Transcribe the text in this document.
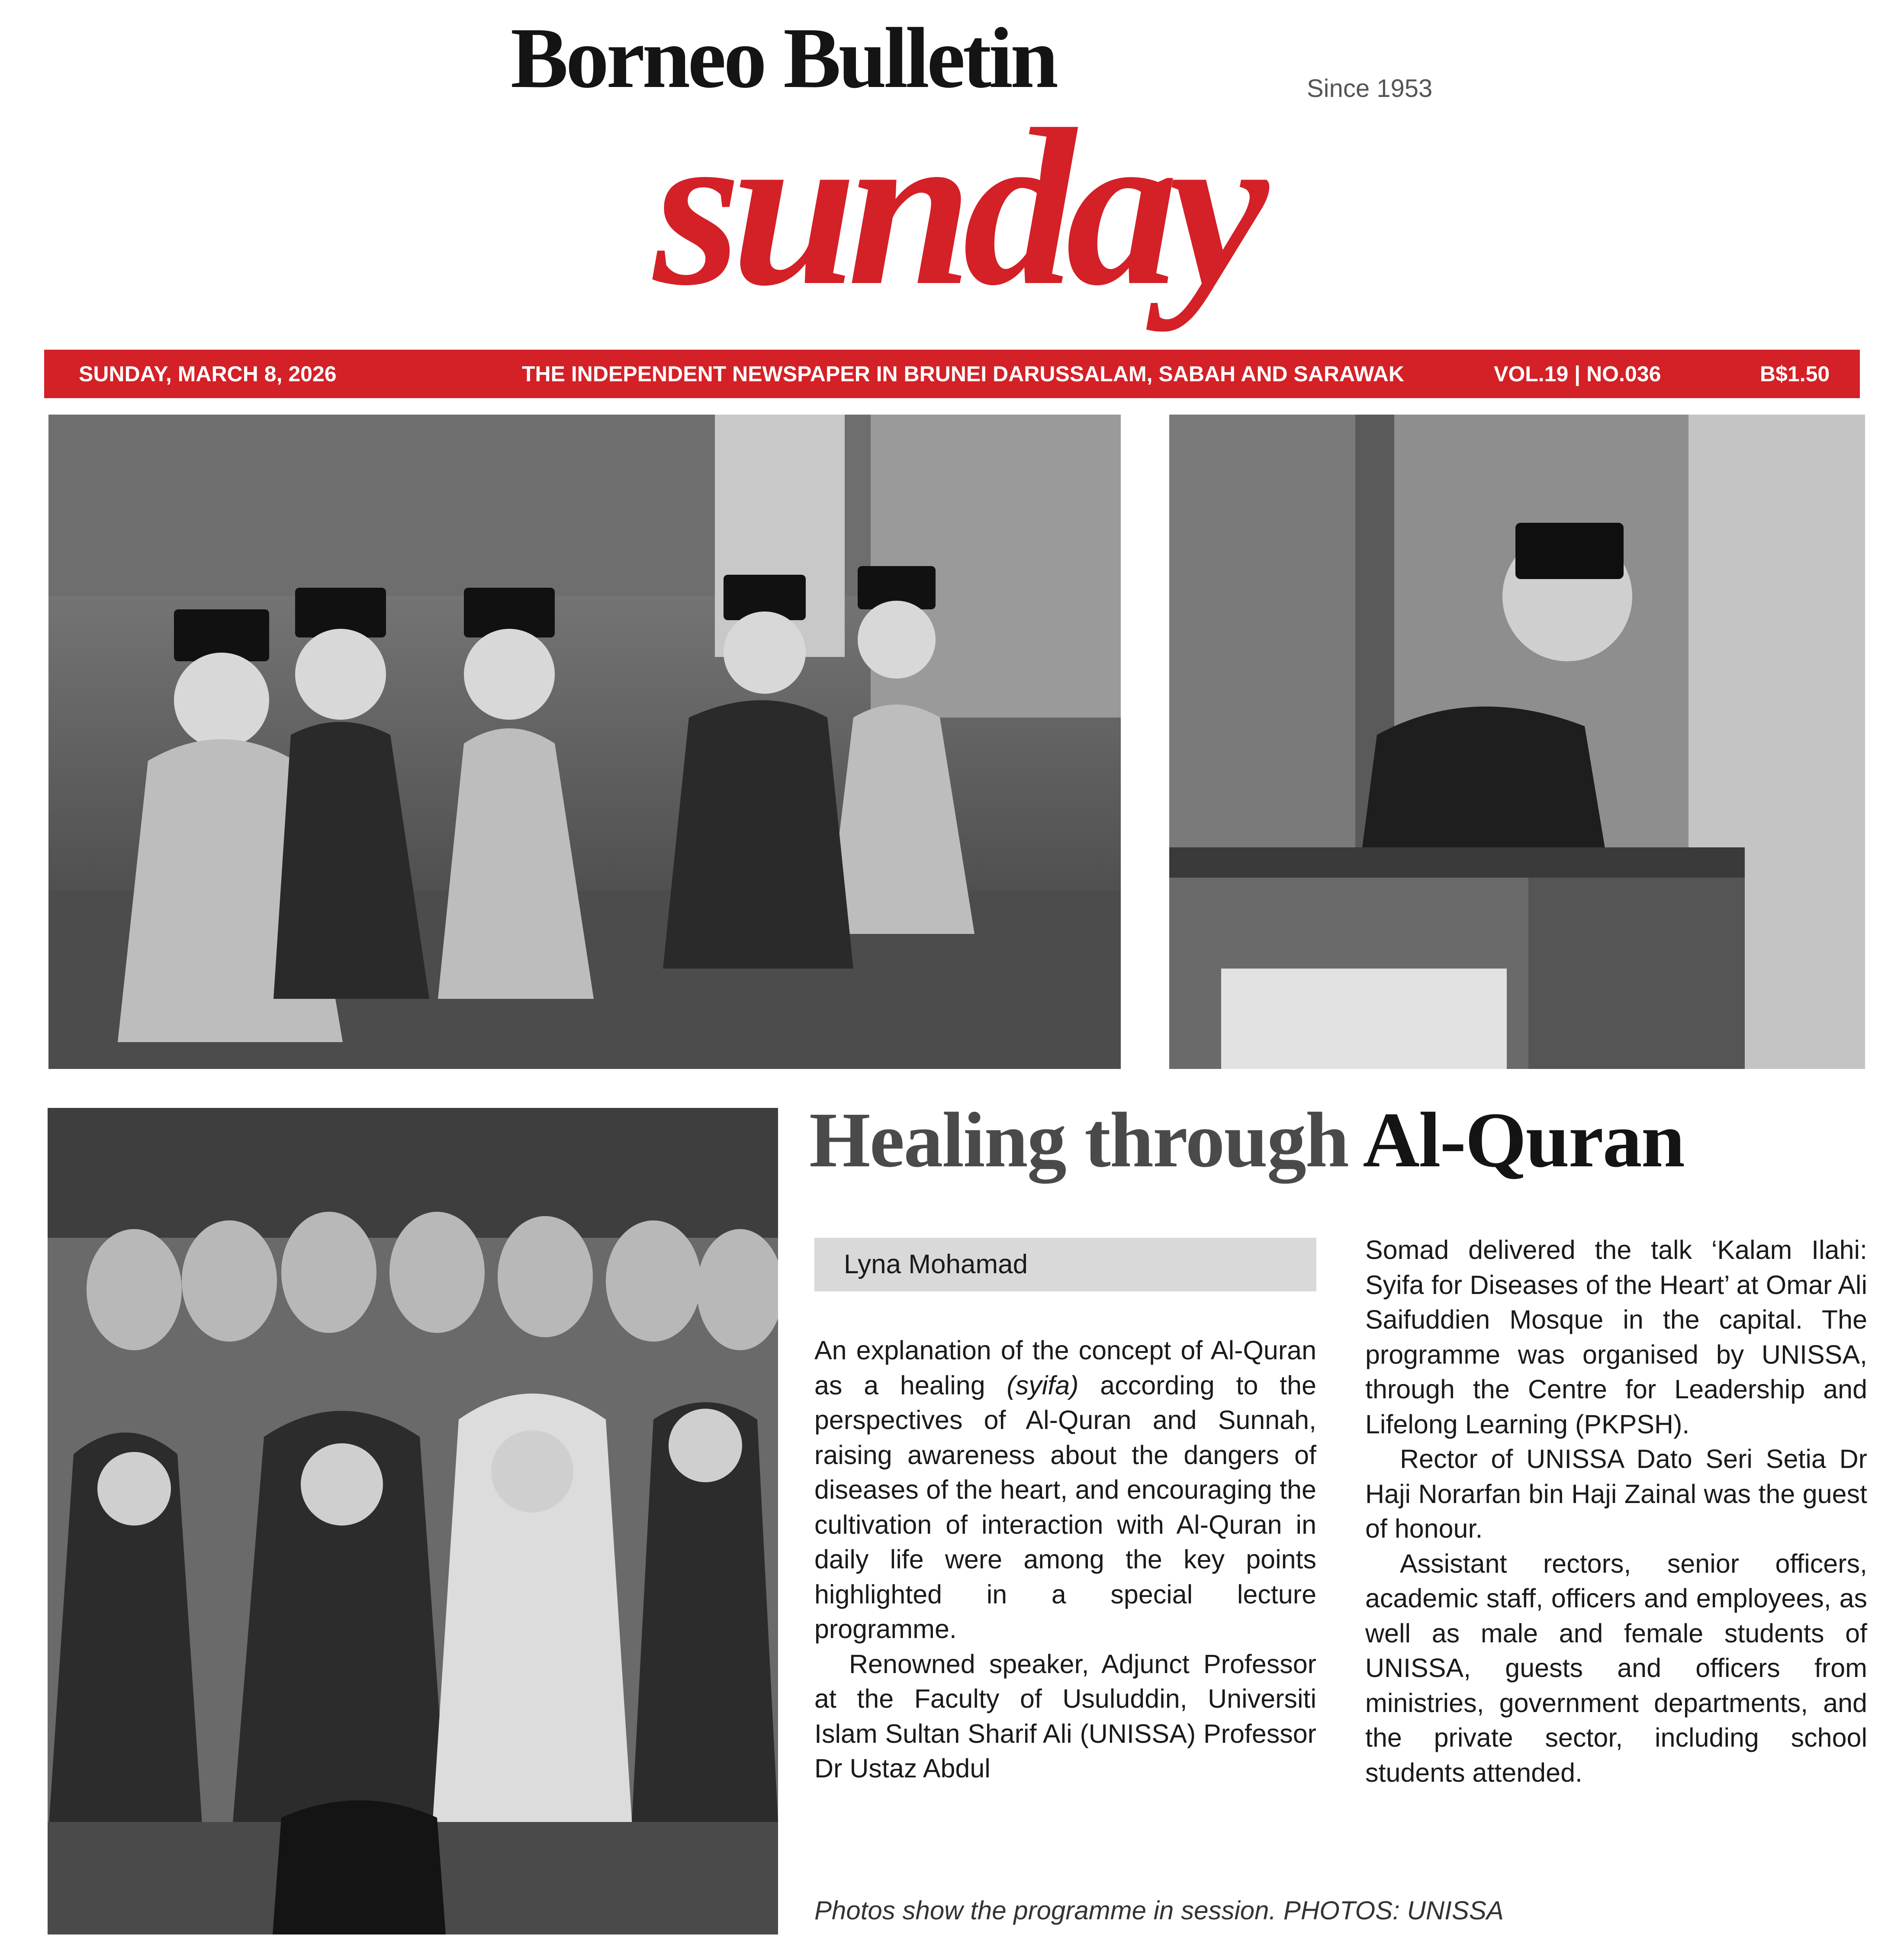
Borneo Bulletin	Since 1953
sunday
SUNDAY, MARCH 8, 2026	THE INDEPENDENT NEWSPAPER IN BRUNEI DARUSSALAM, SABAH AND SARAWAK	VOL.19 | NO.036	B$1.50
Healing through Al-Quran
Lyna Mohamad

An explanation of the concept of Al-Quran as a healing (syifa) according to the perspectives of Al-Quran and Sunnah, raising awareness about the dangers of diseases of the heart, and encouraging the cultivation of interaction with Al-Quran in daily life were among the key points highlighted in a special lecture programme.

Renowned speaker, Adjunct Professor at the Faculty of Usuluddin, Universiti Islam Sultan Sharif Ali (UNISSA) Professor Dr Ustaz Abdul

Somad delivered the talk ‘Kalam Ilahi: Syifa for Diseases of the Heart’ at Omar Ali Saifuddien Mosque in the capital. The programme was organised by UNISSA, through the Centre for Leadership and Lifelong Learning (PKPSH).

Rector of UNISSA Dato Seri Setia Dr Haji Norarfan bin Haji Zainal was the guest of honour.

Assistant rectors, senior officers, academic staff, officers and employees, as well as male and female students of UNISSA, guests and officers from ministries, government departments, and the private sector, including school students attended.

Photos show the programme in session. PHOTOS: UNISSA
